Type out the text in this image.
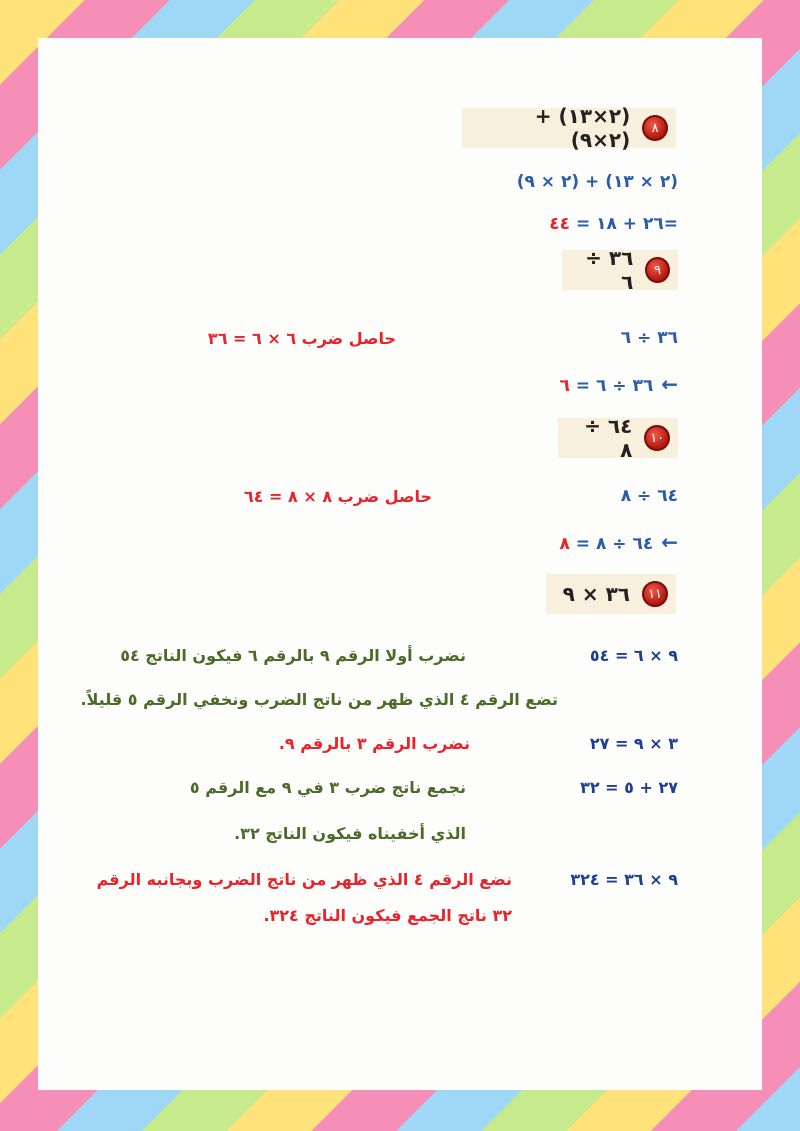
٨
(٢×١٣) + (٢×٩)
(٢ × ١٣) + (٢ × ٩)
=٢٦ + ١٨ = ٤٤
٩
٣٦ ÷ ٦
٣٦ ÷ ٦
حاصل ضرب ٦ × ٦ = ٣٦
←٣٦ ÷ ٦ = ٦
١٠
٦٤ ÷ ٨
٦٤ ÷ ٨
حاصل ضرب ٨ × ٨ = ٦٤
←٦٤ ÷ ٨ = ٨
١١
٣٦ × ٩
٩ × ٦ = ٥٤
نضرب أولا الرقم ٩ بالرقم ٦ فيكون الناتج ٥٤
تضع الرقم ٤ الذي ظهر من ناتج الضرب ونخفي الرقم ٥ قليلاً.
٣ × ٩ = ٢٧
نضرب الرقم ٣ بالرقم ٩.
٢٧ + ٥ = ٣٢
نجمع ناتج ضرب ٣ في ٩ مع الرقم ٥
الذي أخفيناه فيكون الناتج ٣٢.
٩ × ٣٦ = ٣٢٤
نضع الرقم ٤ الذي ظهر من ناتج الضرب وبجانبه الرقم
٣٢ ناتج الجمع فيكون الناتج ٣٢٤.
